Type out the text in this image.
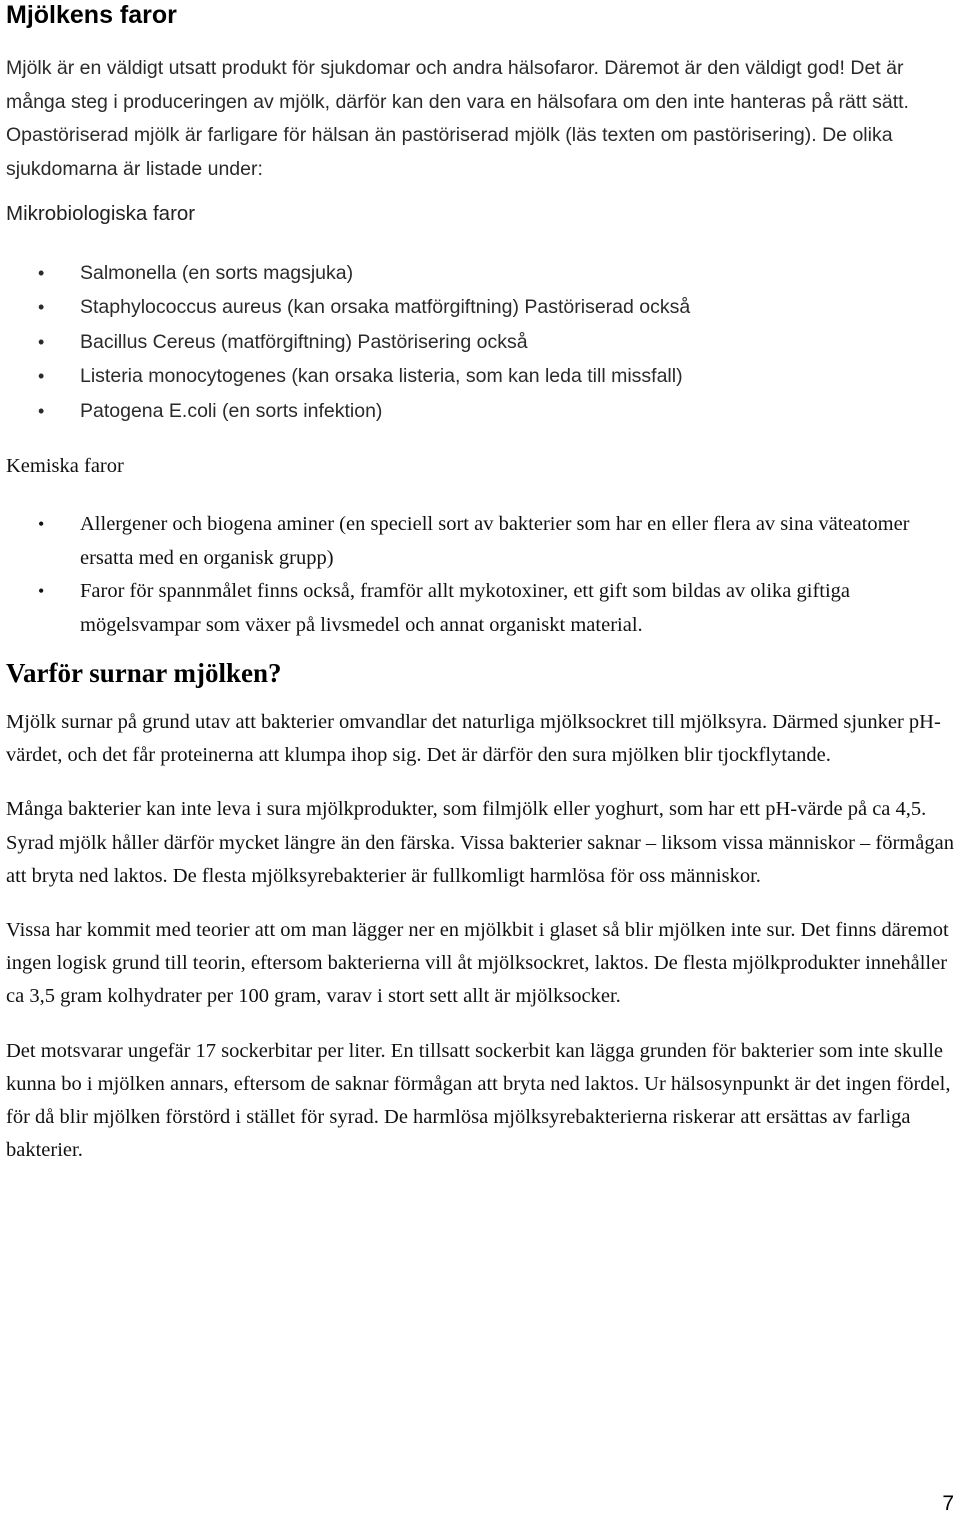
Mjölkens faror

Mjölk är en väldigt utsatt produkt för sjukdomar och andra hälsofaror. Däremot är den väldigt god! Det är många steg i produceringen av mjölk, därför kan den vara en hälsofara om den inte hanteras på rätt sätt. Opastöriserad mjölk är farligare för hälsan än pastöriserad mjölk (läs texten om pastörisering). De olika sjukdomarna är listade under:

Mikrobiologiska faror
• Salmonella (en sorts magsjuka)
• Staphylococcus aureus (kan orsaka matförgiftning) Pastöriserad också
• Bacillus Cereus (matförgiftning) Pastörisering också
• Listeria monocytogenes (kan orsaka listeria, som kan leda till missfall)
• Patogena E.coli (en sorts infektion)
Kemiska faror
• Allergener och biogena aminer (en speciell sort av bakterier som har en eller flera av sina väteatomer ersatta med en organisk grupp)
• Faror för spannmålet finns också, framför allt mykotoxiner, ett gift som bildas av olika giftiga mögelsvampar som växer på livsmedel och annat organiskt material.
Varför surnar mjölken?

Mjölk surnar på grund utav att bakterier omvandlar det naturliga mjölksockret till mjölksyra. Därmed sjunker pH-värdet, och det får proteinerna att klumpa ihop sig. Det är därför den sura mjölken blir tjockflytande.

Många bakterier kan inte leva i sura mjölkprodukter, som filmjölk eller yoghurt, som har ett pH-värde på ca 4,5. Syrad mjölk håller därför mycket längre än den färska. Vissa bakterier saknar – liksom vissa människor – förmågan att bryta ned laktos. De flesta mjölksyrebakterier är fullkomligt harmlösa för oss människor.

Vissa har kommit med teorier att om man lägger ner en mjölkbit i glaset så blir mjölken inte sur. Det finns däremot ingen logisk grund till teorin, eftersom bakterierna vill åt mjölksockret, laktos. De flesta mjölkprodukter innehåller ca 3,5 gram kolhydrater per 100 gram, varav i stort sett allt är mjölksocker.

Det motsvarar ungefär 17 sockerbitar per liter. En tillsatt sockerbit kan lägga grunden för bakterier som inte skulle kunna bo i mjölken annars, eftersom de saknar förmågan att bryta ned laktos. Ur hälsosynpunkt är det ingen fördel, för då blir mjölken förstörd i stället för syrad. De harmlösa mjölksyrebakterierna riskerar att ersättas av farliga bakterier.

7
